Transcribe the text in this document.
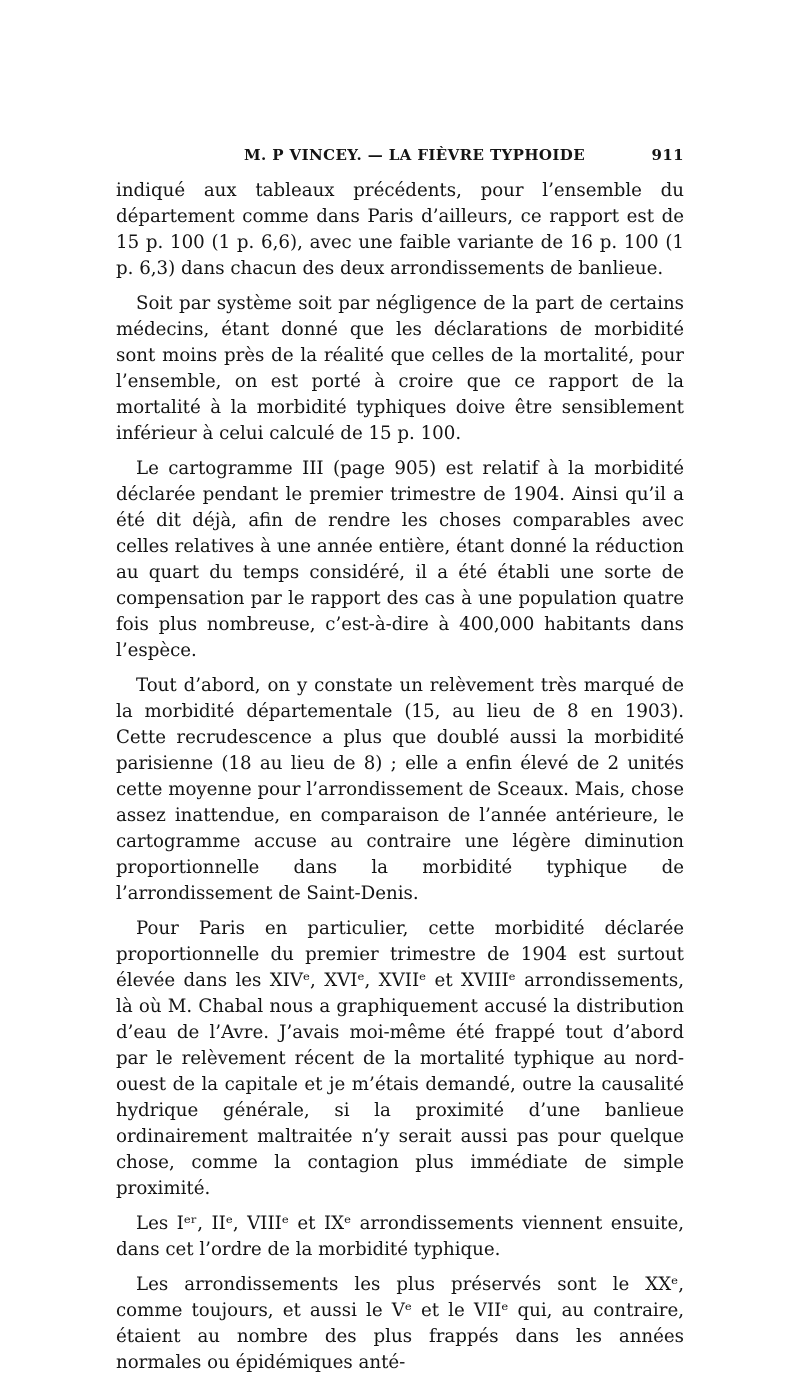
M. P VINCEY. — LA FIÈVRE TYPHOIDE	911

indiqué aux tableaux précédents, pour l’ensemble du département comme dans Paris d’ailleurs, ce rapport est de 15 p. 100 (1 p. 6,6), avec une faible variante de 16 p. 100 (1 p. 6,3) dans chacun des deux arrondissements de banlieue.

Soit par système soit par négligence de la part de certains médecins, étant donné que les déclarations de morbidité sont moins près de la réalité que celles de la mortalité, pour l’ensemble, on est porté à croire que ce rapport de la mortalité à la morbidité typhiques doive être sensiblement inférieur à celui calculé de 15 p. 100.

Le cartogramme III (page 905) est relatif à la morbidité déclarée pendant le premier trimestre de 1904. Ainsi qu’il a été dit déjà, afin de rendre les choses comparables avec celles relatives à une année entière, étant donné la réduction au quart du temps considéré, il a été établi une sorte de compensation par le rapport des cas à une population quatre fois plus nombreuse, c’est-à-dire à 400,000 habitants dans l’espèce.

Tout d’abord, on y constate un relèvement très marqué de la morbidité départementale (15, au lieu de 8 en 1903). Cette recrudescence a plus que doublé aussi la morbidité parisienne (18 au lieu de 8) ; elle a enfin élevé de 2 unités cette moyenne pour l’arrondissement de Sceaux. Mais, chose assez inattendue, en comparaison de l’année antérieure, le cartogramme accuse au contraire une légère diminution proportionnelle dans la morbidité typhique de l’arrondissement de Saint-Denis.

Pour Paris en particulier, cette morbidité déclarée proportionnelle du premier trimestre de 1904 est surtout élevée dans les XIVᵉ, XVIᵉ, XVIIᵉ et XVIIIᵉ arrondissements, là où M. Chabal nous a graphiquement accusé la distribution d’eau de l’Avre. J’avais moi-même été frappé tout d’abord par le relèvement récent de la mortalité typhique au nord-ouest de la capitale et je m’étais demandé, outre la causalité hydrique générale, si la proximité d’une banlieue ordinairement maltraitée n’y serait aussi pas pour quelque chose, comme la contagion plus immédiate de simple proximité.

Les Iᵉʳ, IIᵉ, VIIIᵉ et IXᵉ arrondissements viennent ensuite, dans cet l’ordre de la morbidité typhique.

Les arrondissements les plus préservés sont le XXᵉ, comme toujours, et aussi le Vᵉ et le VIIᵉ qui, au contraire, étaient au nombre des plus frappés dans les années normales ou épidémiques anté-
